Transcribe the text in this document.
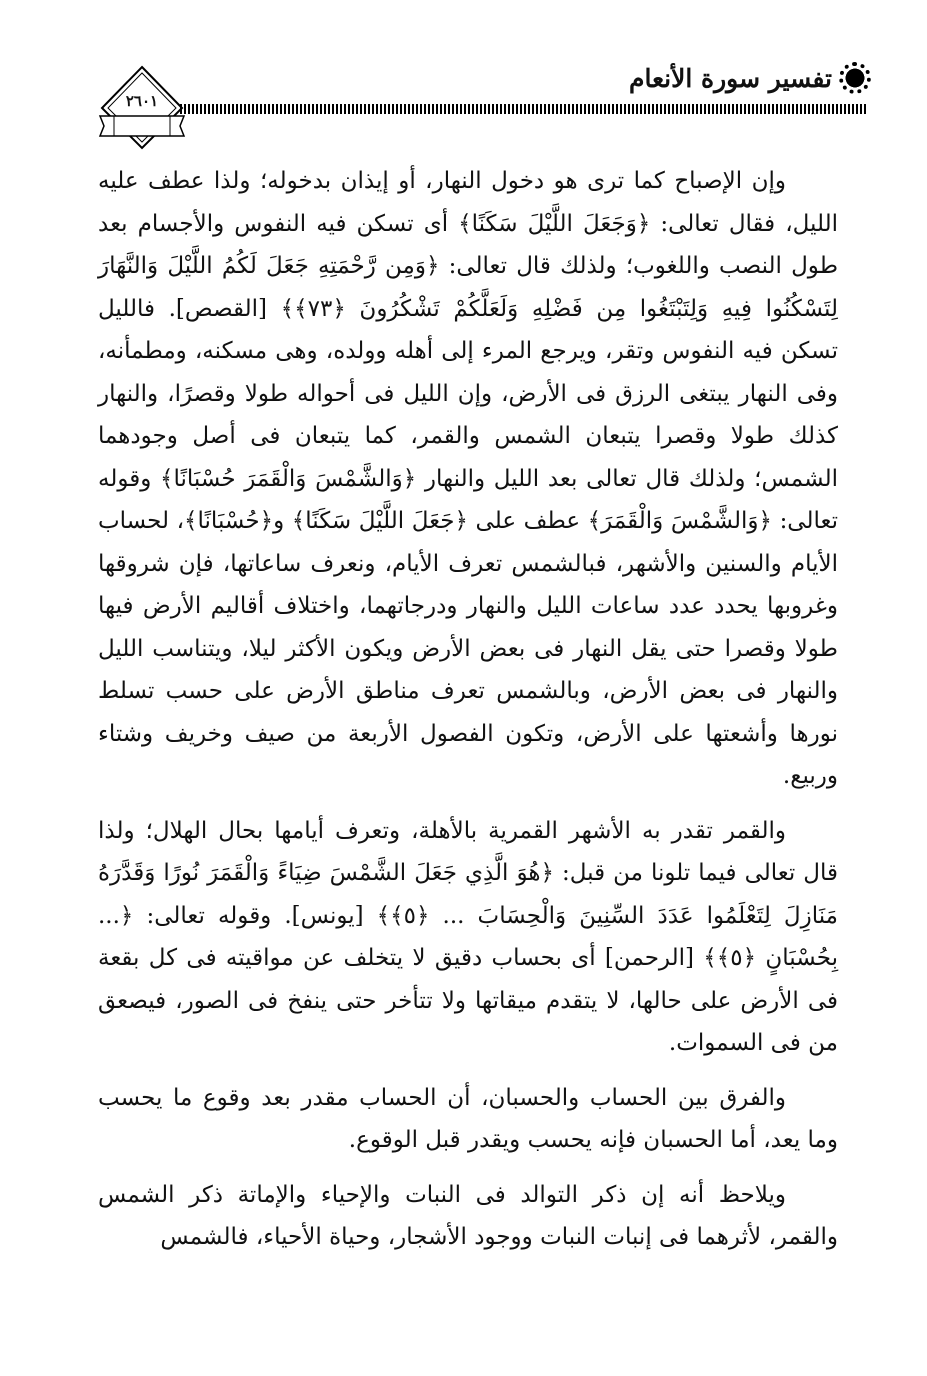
تفسير سورة الأنعام
٢٦٠١

وإن الإصباح كما ترى هو دخول النهار، أو إيذان بدخوله؛ ولذا عطف عليه الليل، فقال تعالى: ﴿وَجَعَلَ اللَّيْلَ سَكَنًا﴾ أى تسكن فيه النفوس والأجسام بعد طول النصب واللغوب؛ ولذلك قال تعالى: ﴿وَمِن رَّحْمَتِهِ جَعَلَ لَكُمُ اللَّيْلَ وَالنَّهَارَ لِتَسْكُنُوا فِيهِ وَلِتَبْتَغُوا مِن فَضْلِهِ وَلَعَلَّكُمْ تَشْكُرُونَ ﴿٧٣﴾﴾ [القصص]. فالليل تسكن فيه النفوس وتقر، ويرجع المرء إلى أهله وولده، وهى مسكنه، ومطمأنه، وفى النهار يبتغى الرزق فى الأرض، وإن الليل فى أحواله طولا وقصرًا، والنهار كذلك طولا وقصرا يتبعان الشمس والقمر، كما يتبعان فى أصل وجودهما الشمس؛ ولذلك قال تعالى بعد الليل والنهار ﴿وَالشَّمْسَ وَالْقَمَرَ حُسْبَانًا﴾ وقوله تعالى: ﴿وَالشَّمْسَ وَالْقَمَرَ﴾ عطف على ﴿جَعَلَ اللَّيْلَ سَكَنًا﴾ و﴿حُسْبَانًا﴾، لحساب الأيام والسنين والأشهر، فبالشمس تعرف الأيام، ونعرف ساعاتها، فإن شروقها وغروبها يحدد عدد ساعات الليل والنهار ودرجاتهما، واختلاف أقاليم الأرض فيها طولا وقصرا حتى يقل النهار فى بعض الأرض ويكون الأكثر ليلا، ويتناسب الليل والنهار فى بعض الأرض، وبالشمس تعرف مناطق الأرض على حسب تسلط نورها وأشعتها على الأرض، وتكون الفصول الأربعة من صيف وخريف وشتاء وربيع.

والقمر تقدر به الأشهر القمرية بالأهلة، وتعرف أيامها بحال الهلال؛ ولذا قال تعالى فيما تلونا من قبل: ﴿هُوَ الَّذِي جَعَلَ الشَّمْسَ ضِيَاءً وَالْقَمَرَ نُورًا وَقَدَّرَهُ مَنَازِلَ لِتَعْلَمُوا عَدَدَ السِّنِينَ وَالْحِسَابَ ... ﴿٥﴾﴾ [يونس]. وقوله تعالى: ﴿... بِحُسْبَانٍ ﴿٥﴾﴾ [الرحمن] أى بحساب دقيق لا يتخلف عن مواقيته فى كل بقعة فى الأرض على حالها، لا يتقدم ميقاتها ولا تتأخر حتى ينفخ فى الصور، فيصعق من فى السموات.

والفرق بين الحساب والحسبان، أن الحساب مقدر بعد وقوع ما يحسب وما يعد، أما الحسبان فإنه يحسب ويقدر قبل الوقوع.

ويلاحظ أنه إن ذكر التوالد فى النبات والإحياء والإماتة ذكر الشمس والقمر، لأثرهما فى إنبات النبات ووجود الأشجار، وحياة الأحياء، فالشمس
